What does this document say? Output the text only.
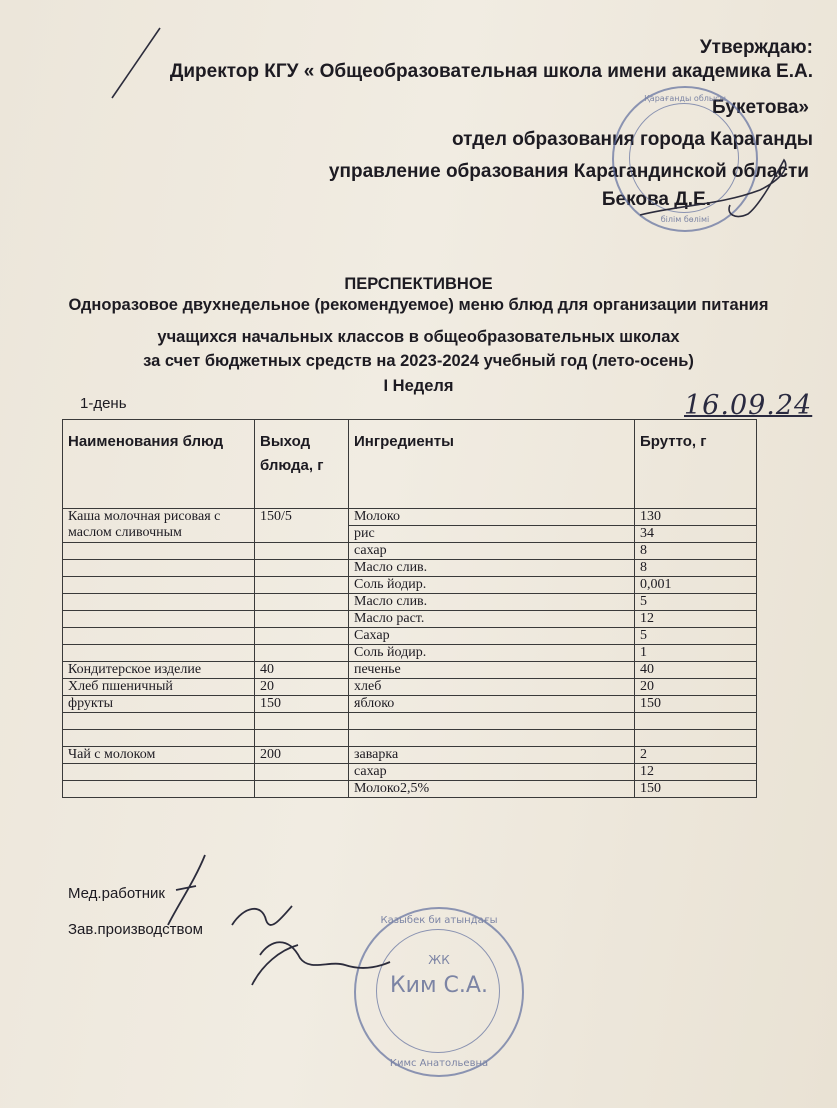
Утверждаю:
Директор КГУ « Общеобразовательная школа имени академика Е.А.
Букетова»
отдел образования города Караганды
управление образования Карагандинской области
Бекова Д.Е.
Қарағанды облысы
білім бөлімі
ПЕРСПЕКТИВНОЕ
Одноразовое двухнедельное (рекомендуемое) меню блюд для организации питания
учащихся начальных классов в общеобразовательных школах
за счет бюджетных средств на 2023-2024 учебный год (лето-осень)
I Неделя
1-день	16.09.24
Наименования блюд	Выход блюда, г	Ингредиенты	Брутто, г
Каша молочная рисовая с маслом сливочным	150/5	Молоко	130
		рис	34
		сахар	8
		Масло слив.	8
		Соль йодир.	0,001
		Масло слив.	5
		Масло раст.	12
		Сахар	5
		Соль йодир.	1
Кондитерское изделие	40	печенье	40
Хлеб пшеничный	20	хлеб	20
фрукты	150	яблоко	150

Чай с молоком	200	заварка	2
		сахар	12
		Молоко2,5%	150
Мед.работник
Зав.производством
Казыбек би атындағы
ЖК
Ким С.А.
Кимс Анатольевна
